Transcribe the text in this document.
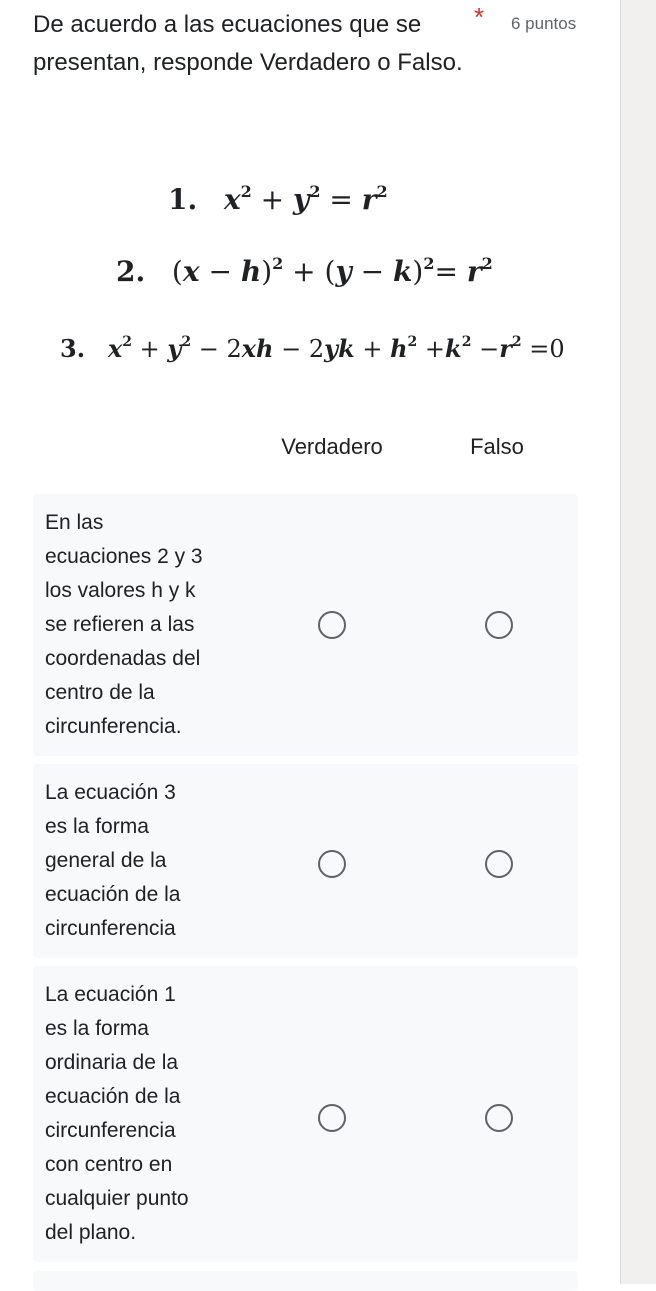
De acuerdo a las ecuaciones que se presentan, responde Verdadero o Falso.
* 6 puntos
1. $x^2 + y^2 = r^2$
2.   $(x - h)^2 + (y - k)^2= r^2$
3. $x^2 + y^2 - 2xh - 2yk + h^2 +k^2 -r^2 =0$
Verdadero	Falso
En las
ecuaciones 2 y 3
los valores h y k
se refieren a las
coordenadas del
centro de la
circunferencia.
La ecuación 3
es la forma
general de la
ecuación de la
circunferencia
La ecuación 1
es la forma
ordinaria de la
ecuación de la
circunferencia
con centro en
cualquier punto
del plano.
